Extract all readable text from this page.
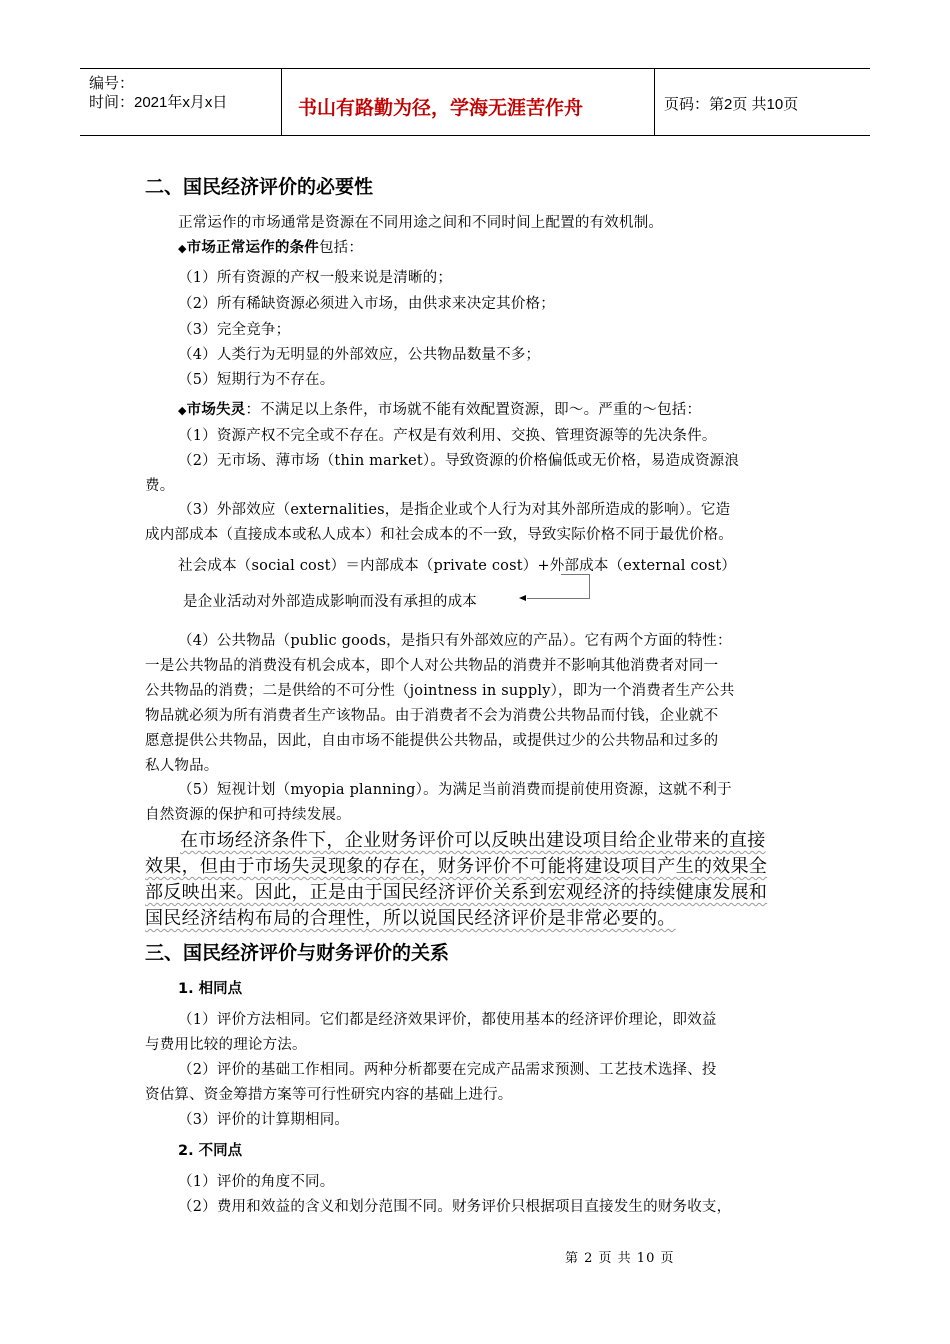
编号：
时间：2021年x月x日	书山有路勤为径，学海无涯苦作舟	页码：第2页 共10页
二、国民经济评价的必要性
正常运作的市场通常是资源在不同用途之间和不同时间上配置的有效机制。
◆市场正常运作的条件包括：
（1）所有资源的产权一般来说是清晰的；
（2）所有稀缺资源必须进入市场，由供求来决定其价格；
（3）完全竞争；
（4）人类行为无明显的外部效应，公共物品数量不多；
（5）短期行为不存在。
◆市场失灵：不满足以上条件，市场就不能有效配置资源，即～。严重的～包括：
（1）资源产权不完全或不存在。产权是有效利用、交换、管理资源等的先决条件。
（2）无市场、薄市场（thin market）。导致资源的价格偏低或无价格，易造成资源浪
费。
（3）外部效应（externalities，是指企业或个人行为对其外部所造成的影响）。它造
成内部成本（直接成本或私人成本）和社会成本的不一致，导致实际价格不同于最优价格。
社会成本（social cost）＝内部成本（private cost）+外部成本（external cost）
是企业活动对外部造成影响而没有承担的成本
（4）公共物品（public goods，是指只有外部效应的产品）。它有两个方面的特性：
一是公共物品的消费没有机会成本，即个人对公共物品的消费并不影响其他消费者对同一
公共物品的消费；二是供给的不可分性（jointness in supply），即为一个消费者生产公共
物品就必须为所有消费者生产该物品。由于消费者不会为消费公共物品而付钱，企业就不
愿意提供公共物品，因此，自由市场不能提供公共物品，或提供过少的公共物品和过多的
私人物品。
（5）短视计划（myopia planning）。为满足当前消费而提前使用资源，这就不利于
自然资源的保护和可持续发展。
在市场经济条件下，企业财务评价可以反映出建设项目给企业带来的直接
效果，但由于市场失灵现象的存在，财务评价不可能将建设项目产生的效果全
部反映出来。因此，正是由于国民经济评价关系到宏观经济的持续健康发展和
国民经济结构布局的合理性，所以说国民经济评价是非常必要的。
三、国民经济评价与财务评价的关系
1. 相同点
（1）评价方法相同。它们都是经济效果评价，都使用基本的经济评价理论，即效益
与费用比较的理论方法。
（2）评价的基础工作相同。两种分析都要在完成产品需求预测、工艺技术选择、投
资估算、资金筹措方案等可行性研究内容的基础上进行。
（3）评价的计算期相同。
2. 不同点
（1）评价的角度不同。
（2）费用和效益的含义和划分范围不同。财务评价只根据项目直接发生的财务收支，
第 2 页 共 10 页
